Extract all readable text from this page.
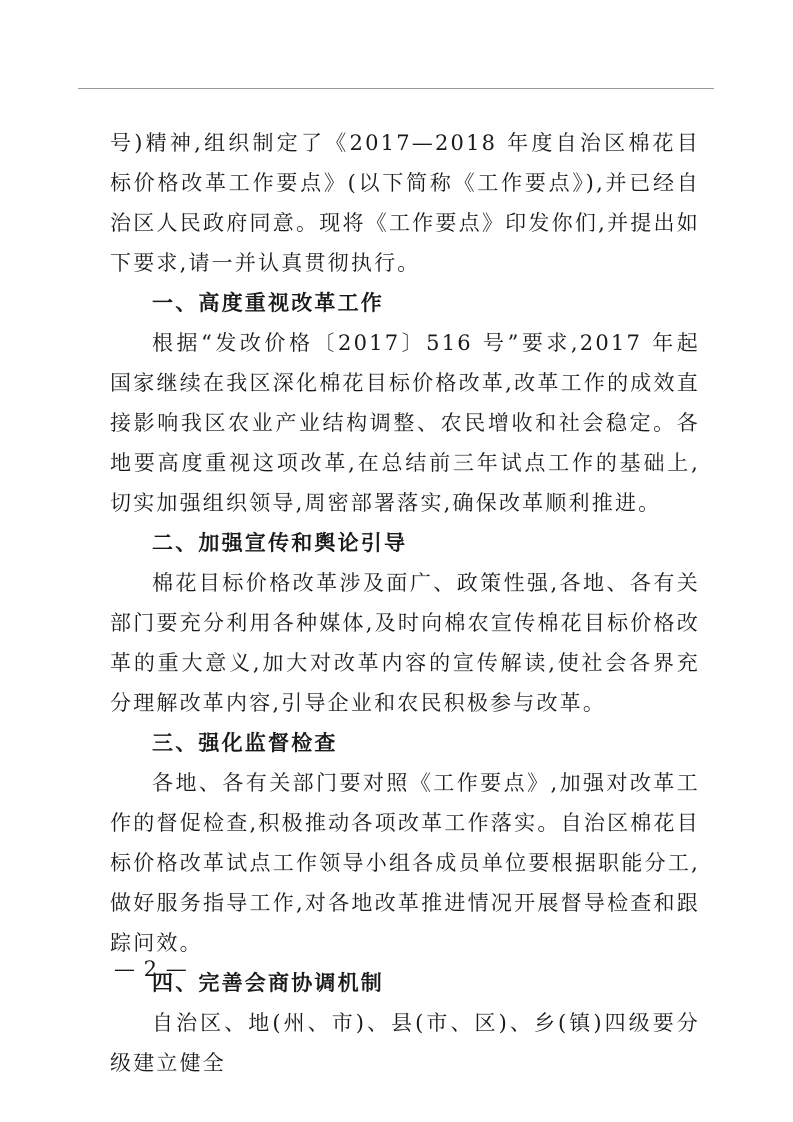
号)精神,组织制定了《2017—2018 年度自治区棉花目标价格改革工作要点》(以下简称《工作要点》),并已经自治区人民政府同意。现将《工作要点》印发你们,并提出如下要求,请一并认真贯彻执行。

一、高度重视改革工作

根据“发改价格〔2017〕516 号”要求,2017 年起国家继续在我区深化棉花目标价格改革,改革工作的成效直接影响我区农业产业结构调整、农民增收和社会稳定。各地要高度重视这项改革,在总结前三年试点工作的基础上,切实加强组织领导,周密部署落实,确保改革顺利推进。

二、加强宣传和舆论引导

棉花目标价格改革涉及面广、政策性强,各地、各有关部门要充分利用各种媒体,及时向棉农宣传棉花目标价格改革的重大意义,加大对改革内容的宣传解读,使社会各界充分理解改革内容,引导企业和农民积极参与改革。

三、强化监督检查

各地、各有关部门要对照《工作要点》,加强对改革工作的督促检查,积极推动各项改革工作落实。自治区棉花目标价格改革试点工作领导小组各成员单位要根据职能分工,做好服务指导工作,对各地改革推进情况开展督导检查和跟踪问效。

四、完善会商协调机制

自治区、地(州、市)、县(市、区)、乡(镇)四级要分级建立健全

— 2 —
